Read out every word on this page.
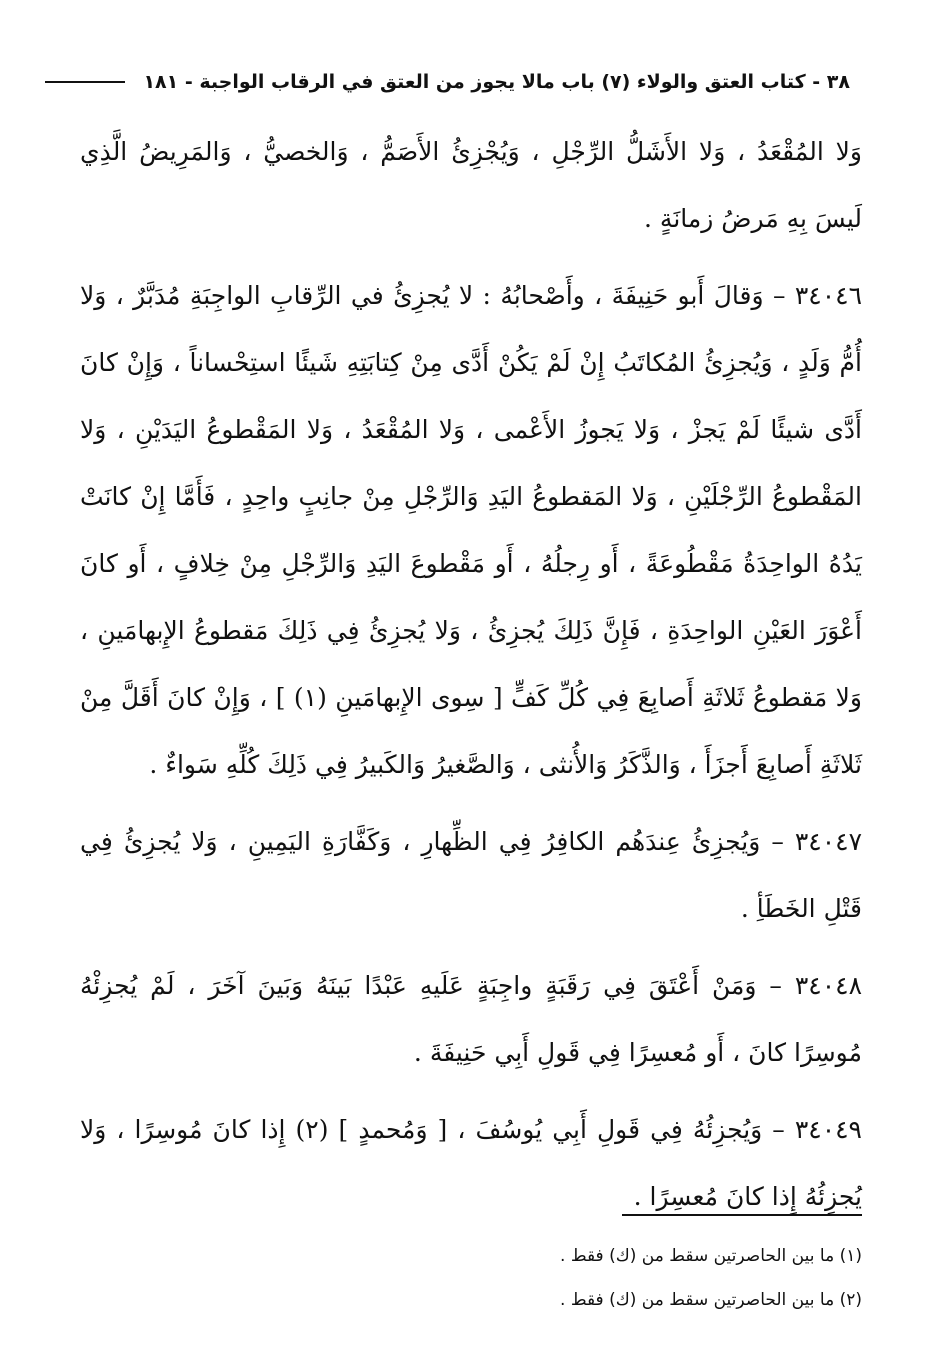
٣٨ - كتاب العتق والولاء (٧) باب مالا يجوز من العتق في الرقاب الواجبة - ١٨١

وَلا المُقْعَدُ ، وَلا الأَشَلُّ الرِّجْلِ ، وَيُجْزِئُ الأَصَمُّ ، وَالخصيُّ ، وَالمَرِيضُ الَّذِي لَيسَ بِهِ مَرضُ زمانَةٍ .

٣٤٠٤٦ – وَقالَ أَبو حَنِيفَةَ ، وأَصْحابُهُ : لا يُجزِئُ في الرِّقابِ الواجِبَةِ مُدَبَّرٌ ، وَلا أُمُّ وَلَدٍ ، وَيُجزِئُ المُكاتَبُ إِنْ لَمْ يَكُنْ أَدَّى مِنْ كِتابَتِهِ شَيئًا استِحْساناً ، وَإِنْ كانَ أَدَّى شيئًا لَمْ يَجزْ ، وَلا يَجوزُ الأَعْمى ، وَلا المُقْعَدُ ، وَلا المَقْطوعُ اليَدَيْنِ ، وَلا المَقْطوعُ الرِّجْلَيْنِ ، وَلا المَقطوعُ اليَدِ وَالرِّجْلِ مِنْ جانِبٍ واحِدٍ ، فَأَمَّا إِنْ كانَتْ يَدُهُ الواحِدَةُ مَقْطُوعَةً ، أَو رِجلُهُ ، أَو مَقْطوعَ اليَدِ وَالرِّجْلِ مِنْ خِلافٍ ، أَو كانَ أَعْوَرَ العَيْنِ الواحِدَةِ ، فَإِنَّ ذَلِكَ يُجزِئُ ، وَلا يُجزِئُ فِي ذَلِكَ مَقطوعُ الإِبهامَينِ ، وَلا مَقطوعُ ثَلاثَةِ أَصابِعَ فِي كُلِّ كَفٍّ [ سِوى الإِبهامَينِ (١) ] ، وَإِنْ كانَ أَقَلَّ مِنْ ثَلاثَةِ أَصابِعَ أَجزَأَ ، وَالذَّكَرُ وَالأُنثى ، وَالصَّغيرُ وَالكَبيرُ فِي ذَلِكَ كُلِّهِ سَواءٌ .

٣٤٠٤٧ – وَيُجزِئُ عِندَهُم الكافِرُ فِي الظِّهارِ ، وَكَفَّارَةِ اليَمِينِ ، وَلا يُجزِئُ فِي قَتْلِ الخَطَأِ .

٣٤٠٤٨ – وَمَنْ أَعْتَقَ فِي رَقَبَةٍ واجِبَةٍ عَلَيهِ عَبْدًا بَينَهُ وَبَينَ آخَرَ ، لَمْ يُجزِئْهُ مُوسِرًا كانَ ، أَو مُعسِرًا فِي قَولِ أَبِي حَنِيفَةَ .

٣٤٠٤٩ – وَيُجزِئُهُ فِي قَولِ أَبِي يُوسُفَ ، [ وَمُحمدٍ ] (٢) إِذا كانَ مُوسِرًا ، وَلا يُجزِئُهُ إِذا كانَ مُعسِرًا .

(١) ما بين الحاصرتين سقط من (ك) فقط .

(٢) ما بين الحاصرتين سقط من (ك) فقط .
